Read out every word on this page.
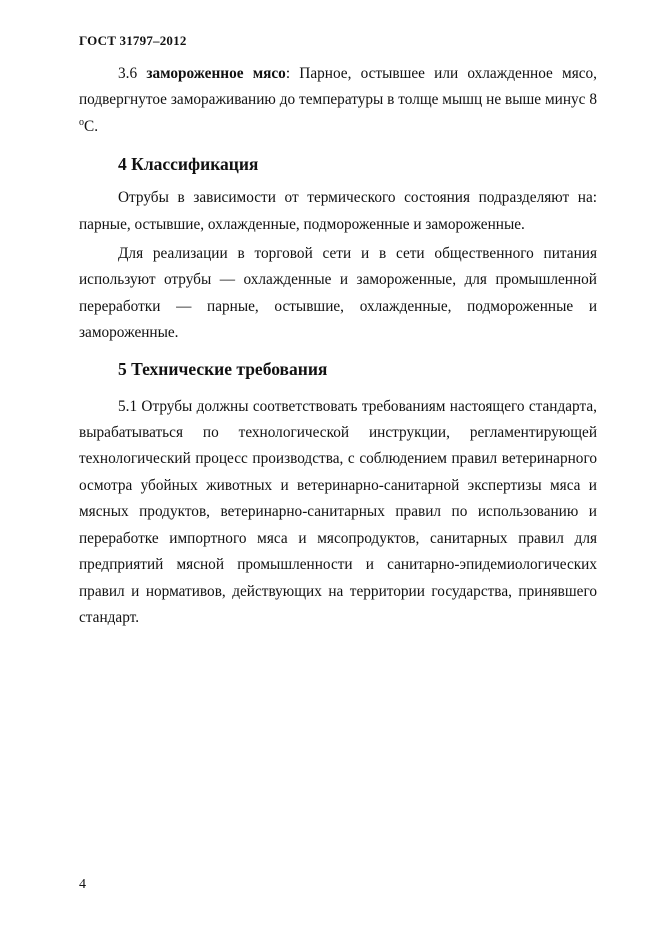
ГОСТ 31797–2012

3.6 замороженное мясо: Парное, остывшее или охлажденное мясо, подвергнутое замораживанию до температуры в толще мышц не выше минус 8 $^о$С.

4 Классификация

Отрубы в зависимости от термического состояния подразделяют на: парные, остывшие, охлажденные, подмороженные и замороженные.

Для реализации в торговой сети и в сети общественного питания используют отрубы — охлажденные и замороженные, для промышленной переработки — парные, остывшие, охлажденные, подмороженные и замороженные.

5 Технические требования

5.1 Отрубы должны соответствовать требованиям настоящего стандарта, вырабатываться по технологической инструкции, регламентирующей технологический процесс производства, с соблюдением правил ветеринарного осмотра убойных животных и ветеринарно-санитарной экспертизы мяса и мясных продуктов, ветеринарно-санитарных правил по использованию и переработке импортного мяса и мясопродуктов, санитарных правил для предприятий мясной промышленности и санитарно-эпидемиологических правил и нормативов, действующих на территории государства, принявшего стандарт.

4
